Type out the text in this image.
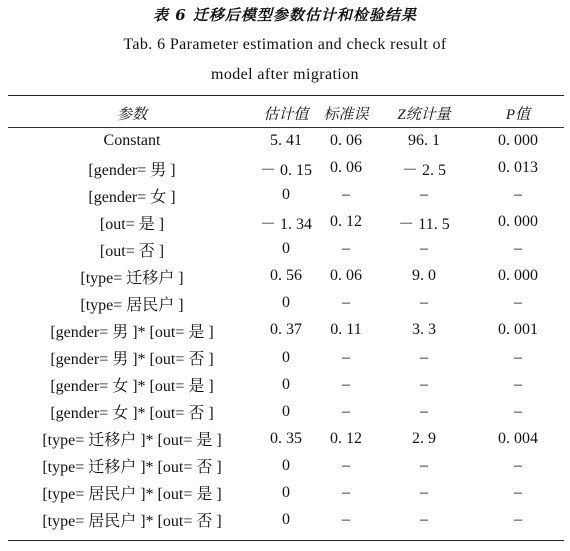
表 6 迁移后模型参数估计和检验结果
Tab. 6 Parameter estimation and check result of
model after migration
参数	估计值	标准误	Z统计量	P值
Constant	5. 41	0. 06	96. 1	0. 000
[gender= 男 ]	－ 0. 15	0. 06	－ 2. 5	0. 013
[gender= 女 ]	0	–	–	–
[out= 是 ]	－ 1. 34	0. 12	－ 11. 5	0. 000
[out= 否 ]	0	–	–	–
[type= 迁移户 ]	0. 56	0. 06	9. 0	0. 000
[type= 居民户 ]	0	–	–	–
[gender= 男 ]* [out= 是 ]	0. 37	0. 11	3. 3	0. 001
[gender= 男 ]* [out= 否 ]	0	–	–	–
[gender= 女 ]* [out= 是 ]	0	–	–	–
[gender= 女 ]* [out= 否 ]	0	–	–	–
[type= 迁移户 ]* [out= 是 ]	0. 35	0. 12	2. 9	0. 004
[type= 迁移户 ]* [out= 否 ]	0	–	–	–
[type= 居民户 ]* [out= 是 ]	0	–	–	–
[type= 居民户 ]* [out= 否 ]	0	–	–	–
